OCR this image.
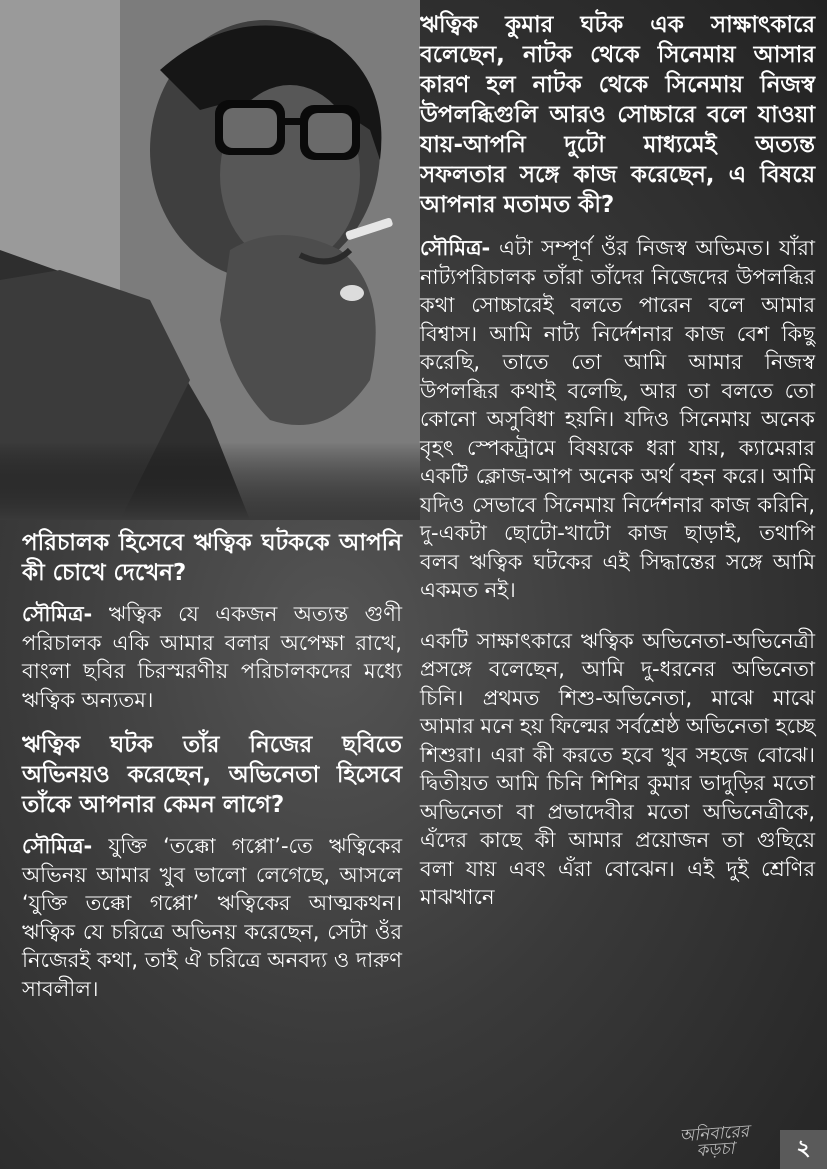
ঋত্বিক কুমার ঘটক এক সাক্ষাৎকারে বলেছেন, নাটক থেকে সিনেমায় আসার কারণ হল নাটক থেকে সিনেমায় নিজস্ব উপলব্ধিগুলি আরও সোচ্চারে বলে যাওয়া যায়-আপনি দুটো মাধ্যমেই অত্যন্ত সফলতার সঙ্গে কাজ করেছেন, এ বিষয়ে আপনার মতামত কী?

সৌমিত্র- এটা সম্পূর্ণ ওঁর নিজস্ব অভিমত। যাঁরা নাট্যপরিচালক তাঁরা তাঁদের নিজেদের উপলব্ধির কথা সোচ্চারেই বলতে পারেন বলে আমার বিশ্বাস। আমি নাট্য নির্দেশনার কাজ বেশ কিছু করেছি, তাতে তো আমি আমার নিজস্ব উপলব্ধির কথাই বলেছি, আর তা বলতে তো কোনো অসুবিধা হয়নি। যদিও সিনেমায় অনেক বৃহৎ স্পেকট্রামে বিষয়কে ধরা যায়, ক্যামেরার একটি ক্লোজ-আপ অনেক অর্থ বহন করে। আমি যদিও সেভাবে সিনেমায় নির্দেশনার কাজ করিনি, দু-একটা ছোটো-খাটো কাজ ছাড়াই, তথাপি বলব ঋত্বিক ঘটকের এই সিদ্ধান্তের সঙ্গে আমি একমত নই।

একটি সাক্ষাৎকারে ঋত্বিক অভিনেতা-অভিনেত্রী প্রসঙ্গে বলেছেন, আমি দু-ধরনের অভিনেতা চিনি। প্রথমত শিশু-অভিনেতা, মাঝে মাঝে আমার মনে হয় ফিল্মের সর্বশ্রেষ্ঠ অভিনেতা হচ্ছে শিশুরা। এরা কী করতে হবে খুব সহজে বোঝে। দ্বিতীয়ত আমি চিনি শিশির কুমার ভাদুড়ির মতো অভিনেতা বা প্রভাদেবীর মতো অভিনেত্রীকে, এঁদের কাছে কী আমার প্রয়োজন তা গুছিয়ে বলা যায় এবং এঁরা বোঝেন। এই দুই শ্রেণির মাঝখানে

পরিচালক হিসেবে ঋত্বিক ঘটককে আপনি কী চোখে দেখেন?

সৌমিত্র- ঋত্বিক যে একজন অত্যন্ত গুণী পরিচালক একি আমার বলার অপেক্ষা রাখে, বাংলা ছবির চিরস্মরণীয় পরিচালকদের মধ্যে ঋত্বিক অন্যতম।

ঋত্বিক ঘটক তাঁর নিজের ছবিতে অভিনয়ও করেছেন, অভিনেতা হিসেবে তাঁকে আপনার কেমন লাগে?

সৌমিত্র- যুক্তি ‘তক্কো গপ্পো’-তে ঋত্বিকের অভিনয় আমার খুব ভালো লেগেছে, আসলে ‘যুক্তি তক্কো গপ্পো’ ঋত্বিকের আত্মকথন। ঋত্বিক যে চরিত্রে অভিনয় করেছেন, সেটা ওঁর নিজেরই কথা, তাই ঐ চরিত্রে অনবদ্য ও দারুণ সাবলীল।

অনিবারের কড়চা	২
